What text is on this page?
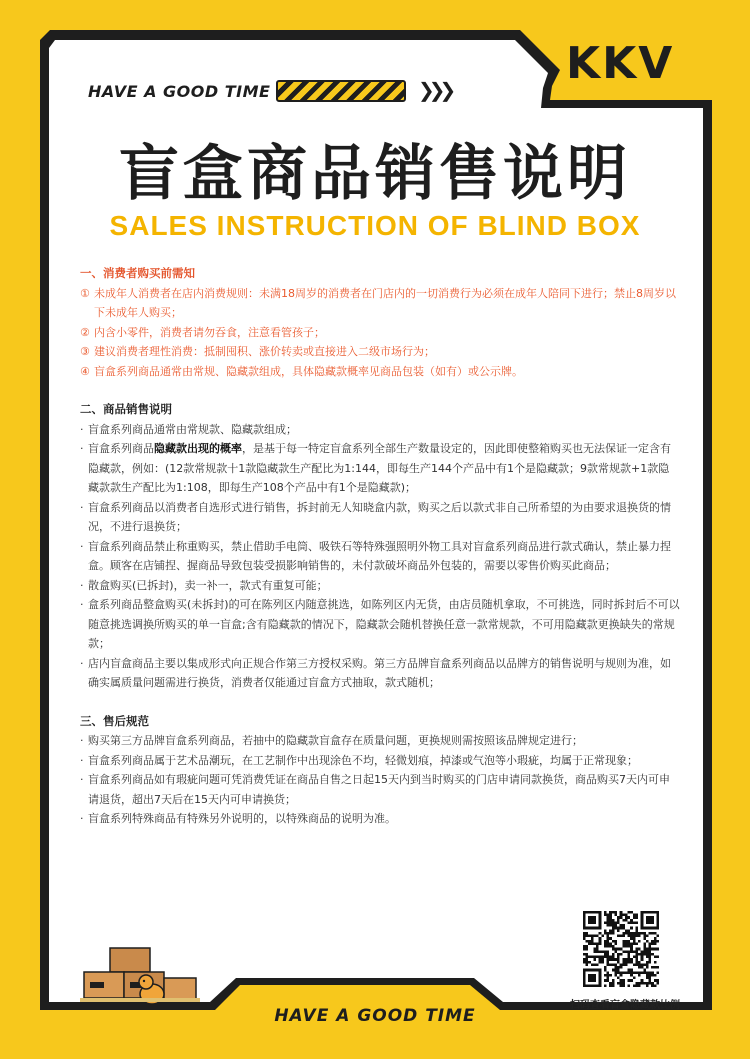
HAVE A GOOD TIME	❯❯❯
KKV
盲盒商品销售说明
SALES INSTRUCTION OF BLIND BOX

一、消费者购买前需知

① 未成年人消费者在店内消费规则：未满18周岁的消费者在门店内的一切消费行为必须在成年人陪同下进行；禁止8周岁以下未成年人购买；
② 内含小零件，消费者请勿吞食，注意看管孩子；
③ 建议消费者理性消费：抵制囤积、涨价转卖或直接进入二级市场行为；
④ 盲盒系列商品通常由常规、隐藏款组成，具体隐藏款概率见商品包装（如有）或公示牌。

二、商品销售说明

· 盲盒系列商品通常由常规款、隐藏款组成；
· 盲盒系列商品隐藏款出现的概率，是基于每一特定盲盒系列全部生产数量设定的，因此即使整箱购买也无法保证一定含有隐藏款，例如：(12款常规款十1款隐藏款生产配比为1:144，即每生产144个产品中有1个是隐藏款；9款常规款+1款隐藏款款生产配比为1:108，即每生产108个产品中有1个是隐藏款)；
· 盲盒系列商品以消费者自选形式进行销售，拆封前无人知晓盒内款，购买之后以款式非自己所希望的为由要求退换货的情况，不进行退换货；
· 盲盒系列商品禁止称重购买，禁止借助手电筒、吸铁石等特殊强照明外物工具对盲盒系列商品进行款式确认，禁止暴力捏盒。顾客在店铺捏、握商品导致包装受损影响销售的，未付款破坏商品外包装的，需要以零售价购买此商品；
· 散盒购买(已拆封)，卖一补一，款式有重复可能；
· 盒系列商品整盒购买(未拆封)的可在陈列区内随意挑选，如陈列区内无货，由店员随机拿取，不可挑选，同时拆封后不可以随意挑选调换所购买的单一盲盒;含有隐藏款的情况下，隐藏款会随机替换任意一款常规款，不可用隐藏款更换缺失的常规款；
· 店内盲盒商品主要以集成形式向正规合作第三方授权采购。第三方品牌盲盒系列商品以品牌方的销售说明与规则为准，如确实属质量问题需进行换货，消费者仅能通过盲盒方式抽取，款式随机；

三、售后规范

· 购买第三方品牌盲盒系列商品，若抽中的隐藏款盲盒存在质量问题，更换规则需按照该品牌规定进行；
· 盲盒系列商品属于艺术品潮玩，在工艺制作中出现涂色不均，轻微划痕，掉漆或气泡等小瑕疵，均属于正常现象；
· 盲盒系列商品如有瑕疵问题可凭消费凭证在商品自售之日起15天内到当时购买的门店申请同款换货，商品购买7天内可申请退货，超出7天后在15天内可申请换货；
· 盲盒系列特殊商品有特殊另外说明的，以特殊商品的说明为准。
扫码查看盲盒隐藏款比例
HAVE A GOOD TIME
